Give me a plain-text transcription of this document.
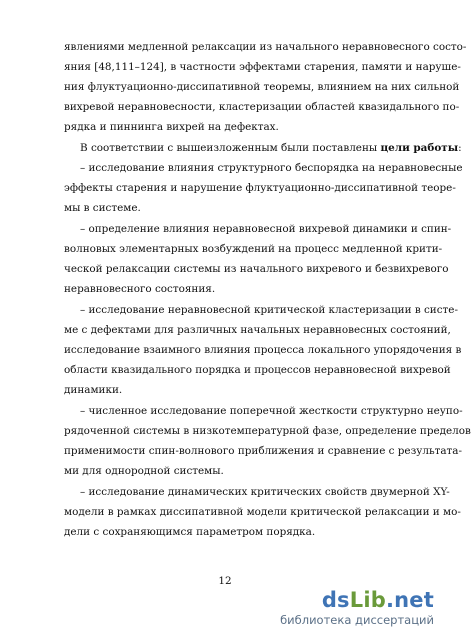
явлениями медленной релаксации из начального неравновесного состо-
яния [48,111–124], в частности эффектами старения, памяти и наруше-
ния флуктуационно-диссипативной теоремы, влиянием на них сильной
вихревой неравновесности, кластеризации областей квазидального по-
рядка и пиннинга вихрей на дефектах.
В соответствии с вышеизложенным были поставлены цели работы:
– исследование влияния структурного беспорядка на неравновесные
эффекты старения и нарушение флуктуационно-диссипативной теоре-
мы в системе.
– определение влияния неравновесной вихревой динамики и спин-
волновых элементарных возбуждений на процесс медленной крити-
ческой релаксации системы из начального вихревого и безвихревого
неравновесного состояния.
– исследование неравновесной критической кластеризации в систе-
ме с дефектами для различных начальных неравновесных состояний,
исследование взаимного влияния процесса локального упорядочения в
области квазидального порядка и процессов неравновесной вихревой
динамики.
– численное исследование поперечной жесткости структурно неупо-
рядоченной системы в низкотемпературной фазе, определение пределов
применимости спин-волнового приближения и сравнение с результата-
ми для однородной системы.
– исследование динамических критических свойств двумерной XY-
модели в рамках диссипативной модели критической релаксации и мо-
дели с сохраняющимся параметром порядка.
12
dsLib.net
библиотека диссертаций
